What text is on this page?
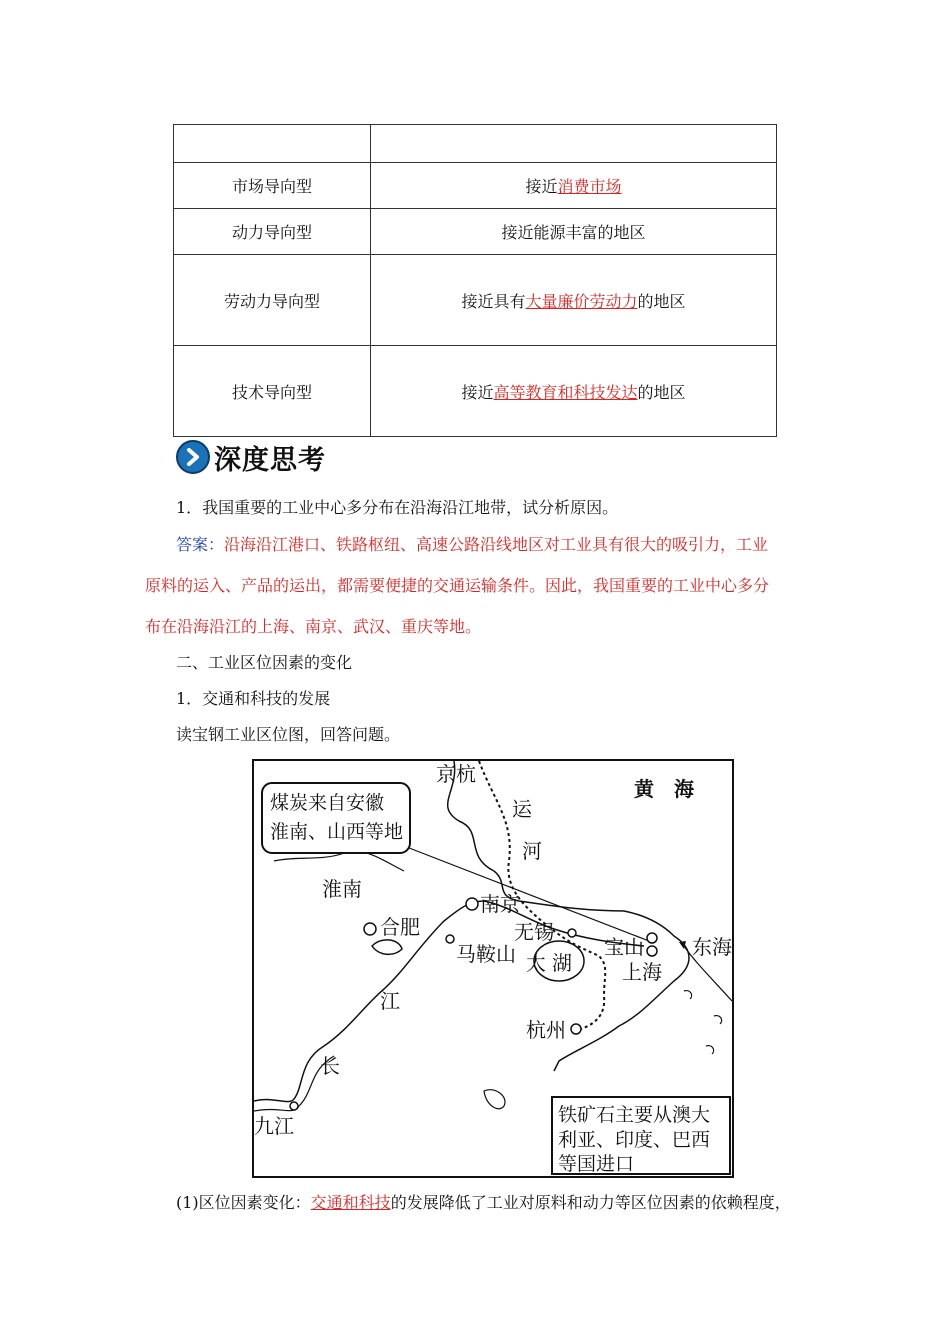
市场导向型	接近消费市场
动力导向型	接近能源丰富的地区
劳动力导向型	接近具有大量廉价劳动力的地区
技术导向型	接近高等教育和科技发达的地区
深度思考
1．我国重要的工业中心多分布在沿海沿江地带，试分析原因。
答案：沿海沿江港口、铁路枢纽、高速公路沿线地区对工业具有很大的吸引力，工业
原料的运入、产品的运出，都需要便捷的交通运输条件。因此，我国重要的工业中心多分
布在沿海沿江的上海、南京、武汉、重庆等地。
二、工业区位因素的变化
1．交通和科技的发展
读宝钢工业区位图，回答问题。
煤炭来自安徽
淮南、山西等地
铁矿石主要从澳大
利亚、印度、巴西
等国进口
黄　海
京杭
运
河
淮南
南京
合肥	无锡
宝山 东海
马鞍山 太 湖	上海
江
杭州
长
九江
(1)区位因素变化：交通和科技的发展降低了工业对原料和动力等区位因素的依赖程度，
